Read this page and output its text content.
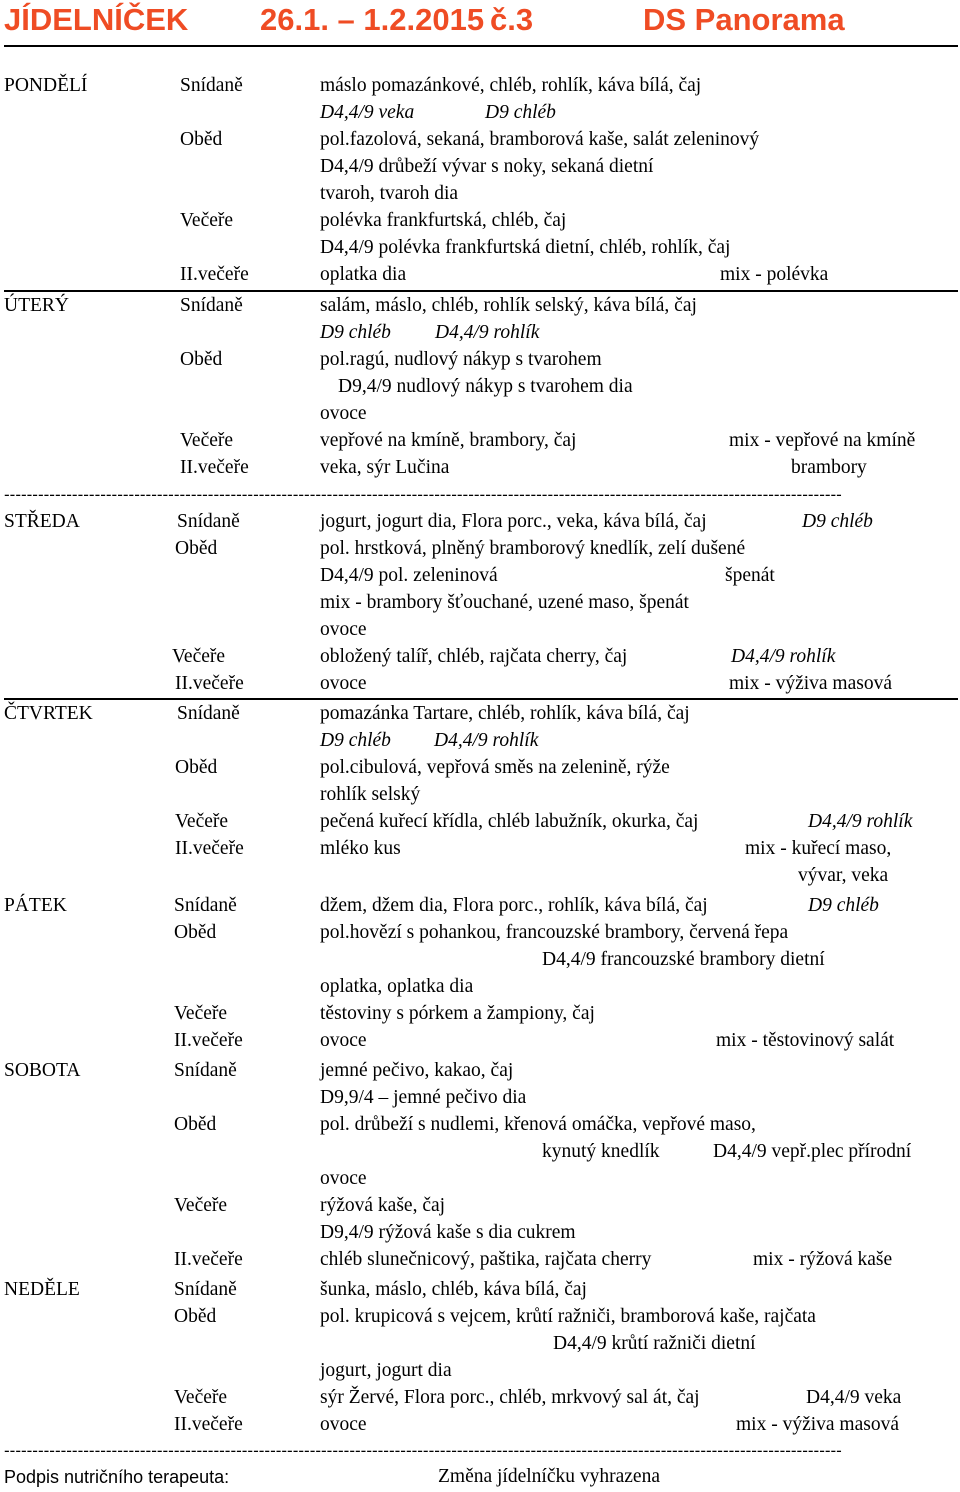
JÍDELNÍČEK 26.1. – 1.2.2015 č.3	DS Panorama
PONDĚLÍ	Snídaně	máslo pomazánkové, chléb, rohlík, káva bílá, čaj
D4,4/9 veka	D9 chléb
Oběd	pol.fazolová, sekaná, bramborová kaše, salát zeleninový
D4,4/9 drůbeží vývar s noky, sekaná dietní
tvaroh, tvaroh dia
Večeře	polévka frankfurtská, chléb, čaj
D4,4/9 polévka frankfurtská dietní, chléb, rohlík, čaj
II.večeře	oplatka dia	mix - polévka
ÚTERÝ	Snídaně	salám, máslo, chléb, rohlík selský, káva bílá, čaj
D9 chléb D4,4/9 rohlík
Oběd	pol.ragú, nudlový nákyp s tvarohem
D9,4/9 nudlový nákyp s tvarohem dia
ovoce
Večeře	vepřové na kmíně, brambory, čaj	mix - vepřové na kmíně
II.večeře	veka, sýr Lučina	brambory
----------------------------------------------------------------------------------------------------------------------------------------------------
STŘEDA	Snídaně	jogurt, jogurt dia, Flora porc., veka, káva bílá, čaj	D9 chléb
Oběd	pol. hrstková, plněný bramborový knedlík, zelí dušené
D4,4/9 pol. zeleninová	špenát
mix - brambory šťouchané, uzené maso, špenát
ovoce
Večeře	obložený talíř, chléb, rajčata cherry, čaj	D4,4/9 rohlík
II.večeře	ovoce	mix - výživa masová
ČTVRTEK	Snídaně	pomazánka Tartare, chléb, rohlík, káva bílá, čaj
D9 chléb D4,4/9 rohlík
Oběd	pol.cibulová, vepřová směs na zelenině, rýže
rohlík selský
Večeře	pečená kuřecí křídla, chléb labužník, okurka, čaj	D4,4/9 rohlík
II.večeře	mléko kus	mix - kuřecí maso,
vývar, veka
PÁTEK	Snídaně	džem, džem dia, Flora porc., rohlík, káva bílá, čaj	D9 chléb
Oběd	pol.hovězí s pohankou, francouzské brambory, červená řepa
D4,4/9 francouzské brambory dietní
oplatka, oplatka dia
Večeře	těstoviny s pórkem a žampiony, čaj
II.večeře	ovoce	mix - těstovinový salát
SOBOTA	Snídaně	jemné pečivo, kakao, čaj
D9,9/4 – jemné pečivo dia
Oběd	pol. drůbeží s nudlemi, křenová omáčka, vepřové maso,
kynutý knedlík	D4,4/9 vepř.plec přírodní
ovoce
Večeře	rýžová kaše, čaj
D9,4/9 rýžová kaše s dia cukrem
II.večeře	chléb slunečnicový, paštika, rajčata cherry	mix - rýžová kaše
NEDĚLE	Snídaně	šunka, máslo, chléb, káva bílá, čaj
Oběd	pol. krupicová s vejcem, krůtí ražniči, bramborová kaše, rajčata
D4,4/9 krůtí ražniči dietní
jogurt, jogurt dia
Večeře	sýr Žervé, Flora porc., chléb, mrkvový sal át, čaj	D4,4/9 veka
II.večeře	ovoce	mix - výživa masová
----------------------------------------------------------------------------------------------------------------------------------------------------
Podpis nutričního terapeuta:	Změna jídelníčku vyhrazena
